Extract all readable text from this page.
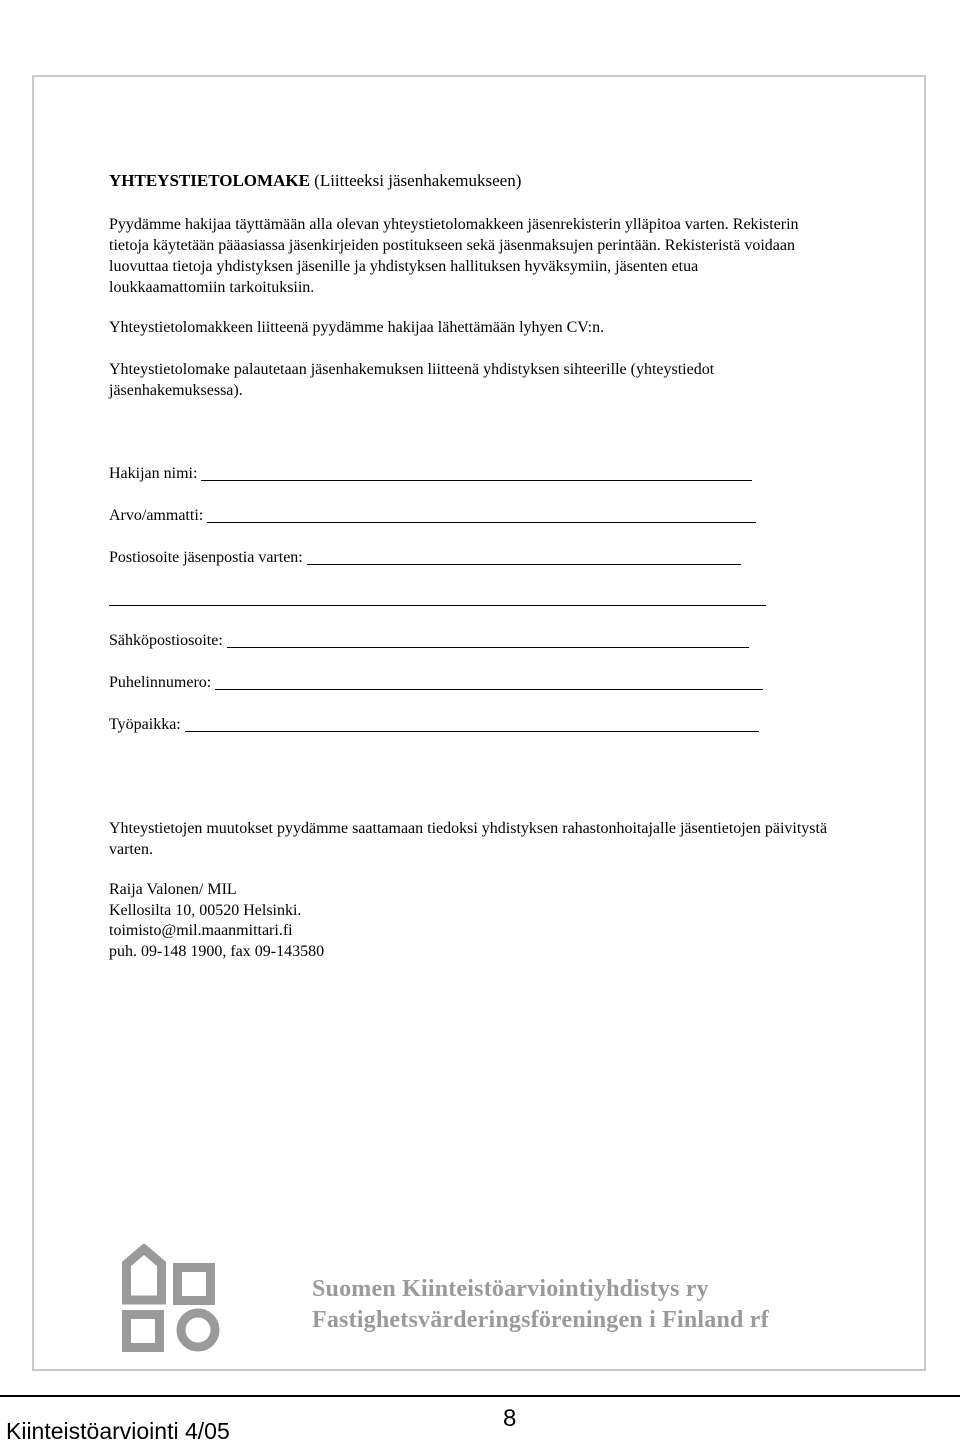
YHTEYSTIETOLOMAKE (Liitteeksi jäsenhakemukseen)

Pyydämme hakijaa täyttämään alla olevan yhteystietolomakkeen jäsenrekisterin ylläpitoa varten. Rekisterin tietoja käytetään pääasiassa jäsenkirjeiden postitukseen sekä jäsenmaksujen perintään. Rekisteristä voidaan luovuttaa tietoja yhdistyksen jäsenille ja yhdistyksen hallituksen hyväksymiin, jäsenten etua loukkaamattomiin tarkoituksiin.

Yhteystietolomakkeen liitteenä pyydämme hakijaa lähettämään lyhyen CV:n.

Yhteystietolomake palautetaan jäsenhakemuksen liitteenä yhdistyksen sihteerille (yhteystiedot jäsenhakemuksessa).

Hakijan nimi:
Arvo/ammatti:
Postiosoite jäsenpostia varten:
Sähköpostiosoite:
Puhelinnumero:
Työpaikka:

Yhteystietojen muutokset pyydämme saattamaan tiedoksi yhdistyksen rahastonhoitajalle jäsentietojen päivitystä varten.

Raija Valonen/ MIL
Kellosilta 10, 00520 Helsinki.
toimisto@mil.maanmittari.fi
puh. 09-148 1900, fax 09-143580
Suomen Kiinteistöarviointiyhdistys ry
Fastighetsvärderingsföreningen i Finland rf
Kiinteistöarviointi 4/05	8
